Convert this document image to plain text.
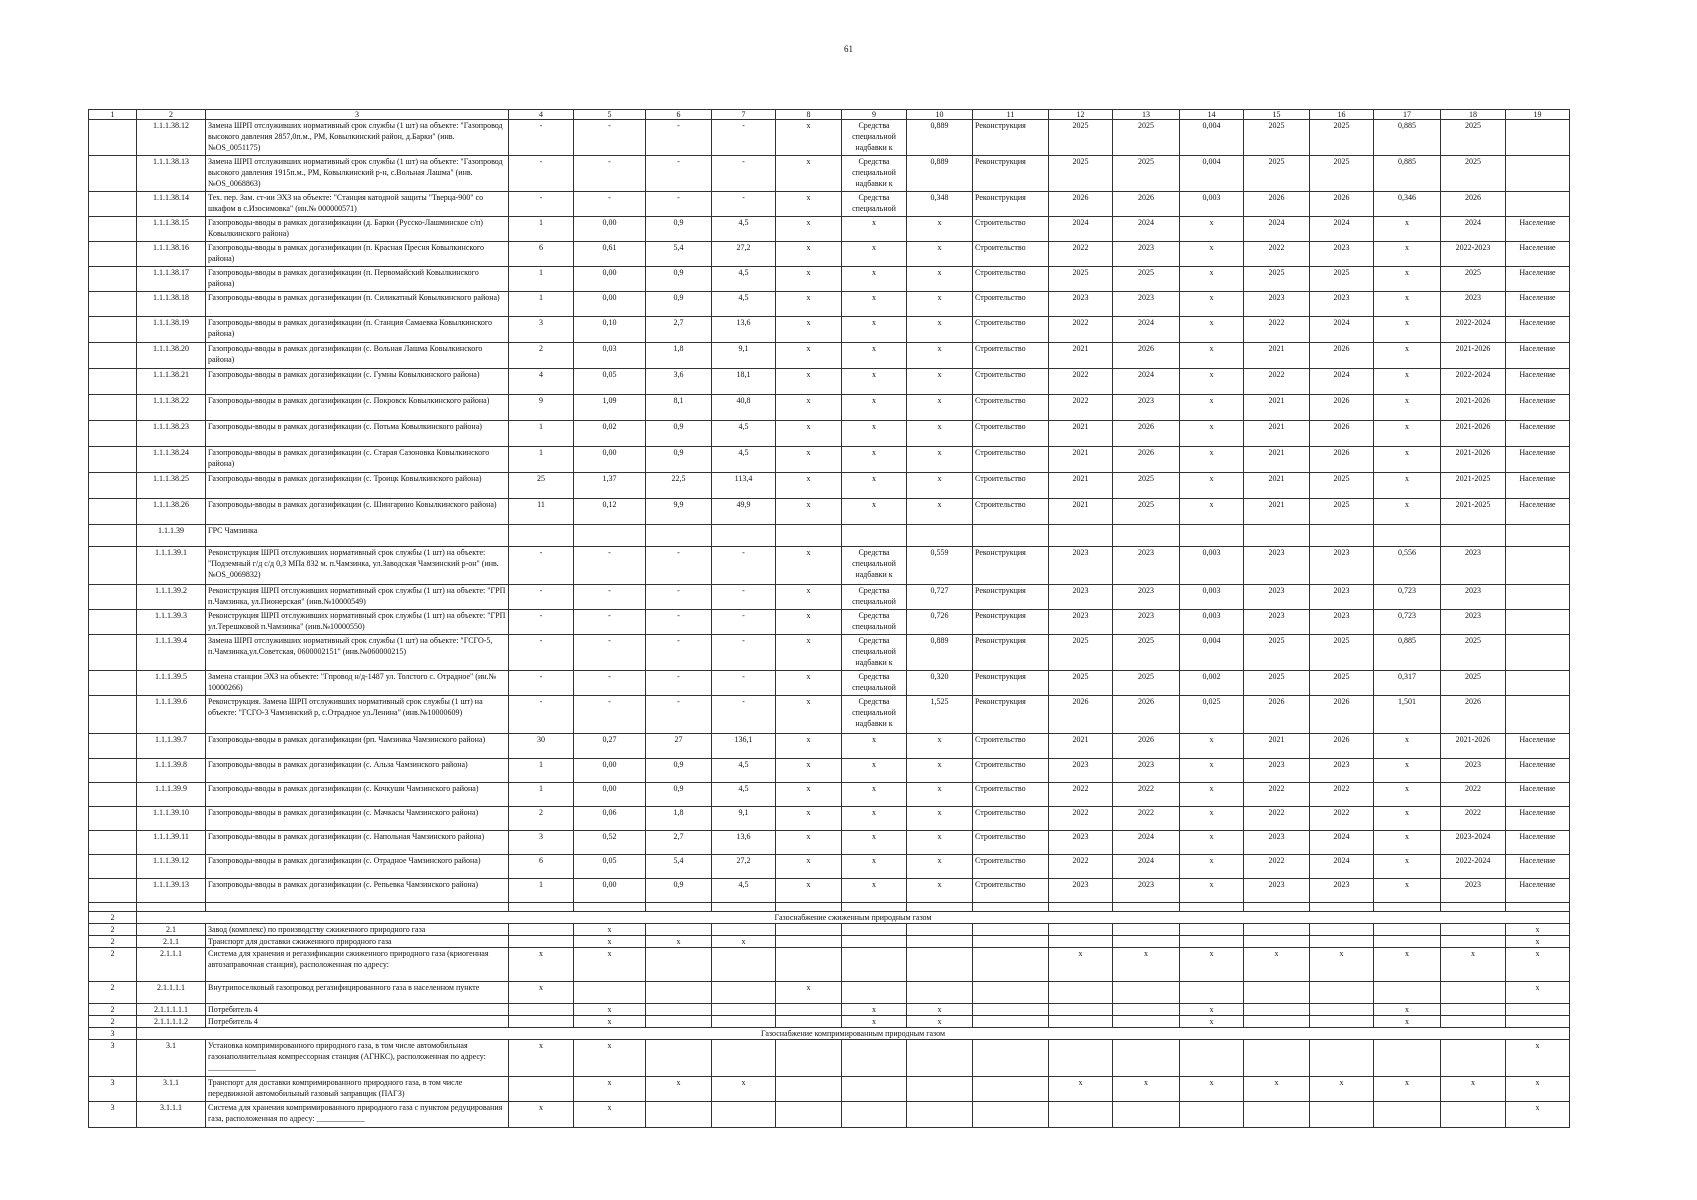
61
1	2	3	4	5	6	7	8	9	10	11	12	13	14	15	16	17	18	19
	1.1.1.38.12	Замена ШРП отслуживших нормативный срок службы (1 шт) на объекте: "Газопровод высокого давления 2857,0п.м., РМ, Ковылкинский район, д.Барки" (инв.№OS_0051175)	-	-	-	-	x	Средства специальной надбавки к	0,889	Реконструкция	2025	2025	0,004	2025	2025	0,885	2025	
	1.1.1.38.13	Замена ШРП отслуживших нормативный срок службы (1 шт) на объекте: "Газопровод высокого давления 1915п.м., РМ, Ковылкинский р-н, с.Вольная Лашма" (инв.№OS_0068863)	-	-	-	-	x	Средства специальной надбавки к	0,889	Реконструкция	2025	2025	0,004	2025	2025	0,885	2025	
	1.1.1.38.14	Тех. пер. Зам. ст-ии ЭХЗ на объекте: "Станция катодной защиты "Тверца-900" со шкафом в с.Изосимовка" (ин.№ 000000571)	-	-	-	-	x	Средства специальной	0,348	Реконструкция	2026	2026	0,003	2026	2026	0,346	2026	
	1.1.1.38.15	Газопроводы-вводы в рамках догазификации (д. Барки (Русско-Лашминское с/п) Ковылкинского района)	1	0,00	0,9	4,5	x	x	x	Строительство	2024	2024	x	2024	2024	x	2024	Население
	1.1.1.38.16	Газопроводы-вводы в рамках догазификации (п. Красная Пресня Ковылкинского района)	6	0,61	5,4	27,2	x	x	x	Строительство	2022	2023	x	2022	2023	x	2022-2023	Население
	1.1.1.38.17	Газопроводы-вводы в рамках догазификации (п. Первомайский Ковылкинского района)	1	0,00	0,9	4,5	x	x	x	Строительство	2025	2025	x	2025	2025	x	2025	Население
	1.1.1.38.18	Газопроводы-вводы в рамках догазификации (п. Силикатный Ковылкинского района)	1	0,00	0,9	4,5	x	x	x	Строительство	2023	2023	x	2023	2023	x	2023	Население
	1.1.1.38.19	Газопроводы-вводы в рамках догазификации (п. Станция Самаевка Ковылкинского района)	3	0,10	2,7	13,6	x	x	x	Строительство	2022	2024	x	2022	2024	x	2022-2024	Население
	1.1.1.38.20	Газопроводы-вводы в рамках догазификации (с. Вольная Лашма Ковылкинского района)	2	0,03	1,8	9,1	x	x	x	Строительство	2021	2026	x	2021	2026	x	2021-2026	Население
	1.1.1.38.21	Газопроводы-вводы в рамках догазификации (с. Гумны Ковылкинского района)	4	0,05	3,6	18,1	x	x	x	Строительство	2022	2024	x	2022	2024	x	2022-2024	Население
	1.1.1.38.22	Газопроводы-вводы в рамках догазификации (с. Покровск Ковылкинского района)	9	1,09	8,1	40,8	x	x	x	Строительство	2022	2023	x	2021	2026	x	2021-2026	Население
	1.1.1.38.23	Газопроводы-вводы в рамках догазификации (с. Потьма Ковылкинского района)	1	0,02	0,9	4,5	x	x	x	Строительство	2021	2026	x	2021	2026	x	2021-2026	Население
	1.1.1.38.24	Газопроводы-вводы в рамках догазификации (с. Старая Сазоновка Ковылкинского района)	1	0,00	0,9	4,5	x	x	x	Строительство	2021	2026	x	2021	2026	x	2021-2026	Население
	1.1.1.38.25	Газопроводы-вводы в рамках догазификации (с. Троицк Ковылкинского района)	25	1,37	22,5	113,4	x	x	x	Строительство	2021	2025	x	2021	2025	x	2021-2025	Население
	1.1.1.38.26	Газопроводы-вводы в рамках догазификации (с. Шингарино Ковылкинского района)	11	0,12	9,9	49,9	x	x	x	Строительство	2021	2025	x	2021	2025	x	2021-2025	Население
	1.1.1.39	ГРС Чамзинка																
	1.1.1.39.1	Реконструкция ШРП отслуживших нормативный срок службы (1 шт) на объекте: "Подземный г/д с/д 0,3 МПа 832 м. п.Чамзинка, ул.Заводская Чамзинский р-он" (инв.№OS_0069832)	-	-	-	-	x	Средства специальной надбавки к	0,559	Реконструкция	2023	2023	0,003	2023	2023	0,556	2023	
	1.1.1.39.2	Реконструкция ШРП отслуживших нормативный срок службы (1 шт) на объекте: "ГРП п.Чамзинка, ул.Пионерская" (инв.№10000549)	-	-	-	-	x	Средства специальной	0,727	Реконструкция	2023	2023	0,003	2023	2023	0,723	2023	
	1.1.1.39.3	Реконструкция ШРП отслуживших нормативный срок службы (1 шт) на объекте: "ГРП ул.Терешковой п.Чамзинка" (инв.№10000550)	-	-	-	-	x	Средства специальной	0,726	Реконструкция	2023	2023	0,003	2023	2023	0,723	2023	
	1.1.1.39.4	Замена ШРП отслуживших нормативный срок службы (1 шт) на объекте: "ГСГО-5, п.Чамзинка,ул.Советская, 0600002151" (инв.№060000215)	-	-	-	-	x	Средства специальной надбавки к	0,889	Реконструкция	2025	2025	0,004	2025	2025	0,885	2025	
	1.1.1.39.5	Замена станции ЭХЗ на объекте: "Гпровод н/д-1487 ул. Толстого с. Отрадное" (ин.№ 10000266)	-	-	-	-	x	Средства специальной	0,320	Реконструкция	2025	2025	0,002	2025	2025	0,317	2025	
	1.1.1.39.6	Реконструкция. Замена ШРП отслуживших нормативный срок службы (1 шт) на объекте: "ГСГО-3 Чамзинский р, с.Отрадное ул.Ленина" (инв.№10000609)	-	-	-	-	x	Средства специальной надбавки к	1,525	Реконструкция	2026	2026	0,025	2026	2026	1,501	2026	
	1.1.1.39.7	Газопроводы-вводы в рамках догазификации (рп. Чамзинка Чамзинского района)	30	0,27	27	136,1	x	x	x	Строительство	2021	2026	x	2021	2026	x	2021-2026	Население
	1.1.1.39.8	Газопроводы-вводы в рамках догазификации (с. Альза Чамзинского района)	1	0,00	0,9	4,5	x	x	x	Строительство	2023	2023	x	2023	2023	x	2023	Население
	1.1.1.39.9	Газопроводы-вводы в рамках догазификации (с. Кочкуши Чамзинского района)	1	0,00	0,9	4,5	x	x	x	Строительство	2022	2022	x	2022	2022	x	2022	Население
	1.1.1.39.10	Газопроводы-вводы в рамках догазификации (с. Мачкасы Чамзинского района)	2	0,06	1,8	9,1	x	x	x	Строительство	2022	2022	x	2022	2022	x	2022	Население
	1.1.1.39.11	Газопроводы-вводы в рамках догазификации (с. Напольная Чамзинского района)	3	0,52	2,7	13,6	x	x	x	Строительство	2023	2024	x	2023	2024	x	2023-2024	Население
	1.1.1.39.12	Газопроводы-вводы в рамках догазификации (с. Отрадное Чамзинского района)	6	0,05	5,4	27,2	x	x	x	Строительство	2022	2024	x	2022	2024	x	2022-2024	Население
	1.1.1.39.13	Газопроводы-вводы в рамках догазификации (с. Репьевка Чамзинского района)	1	0,00	0,9	4,5	x	x	x	Строительство	2023	2023	x	2023	2023	x	2023	Население

2	Газоснабжение сжиженным природным газом																	
2	2.1	Завод (комплекс) по производству сжиженного природного газа		x														x
2	2.1.1	Транспорт для доставки сжиженного природного газа		x	x	x												x
2	2.1.1.1	Система для хранения и регазификации сжиженного природного газа (криогенная автозаправочная станция), расположенная по адресу:	x	x							x	x	x	x	x	x	x	x
2	2.1.1.1.1	Внутрипоселковый газопровод регазифицированного газа в населенном пункте	x				x											x
2	2.1.1.1.1.1	Потребитель 4		x				x	x				x			x		
2	2.1.1.1.1.2	Потребитель 4		x				x	x				x			x		
3	Газоснабжение компримированным природным газом																	
3	3.1	Установка компримированного природного газа, в том числе автомобильная газонаполнительная компрессорная станция (АГНКС), расположенная по адресу: ____________	x	x														x
3	3.1.1	Транспорт для доставки компримированного природного газа, в том числе передвижной автомобильный газовый заправщик (ПАГЗ)		x	x	x					x	x	x	x	x	x	x	x
3	3.1.1.1	Система для хранения компримированного природного газа с пунктом редуцирования газа, расположенная по адресу: ____________	x	x														x
